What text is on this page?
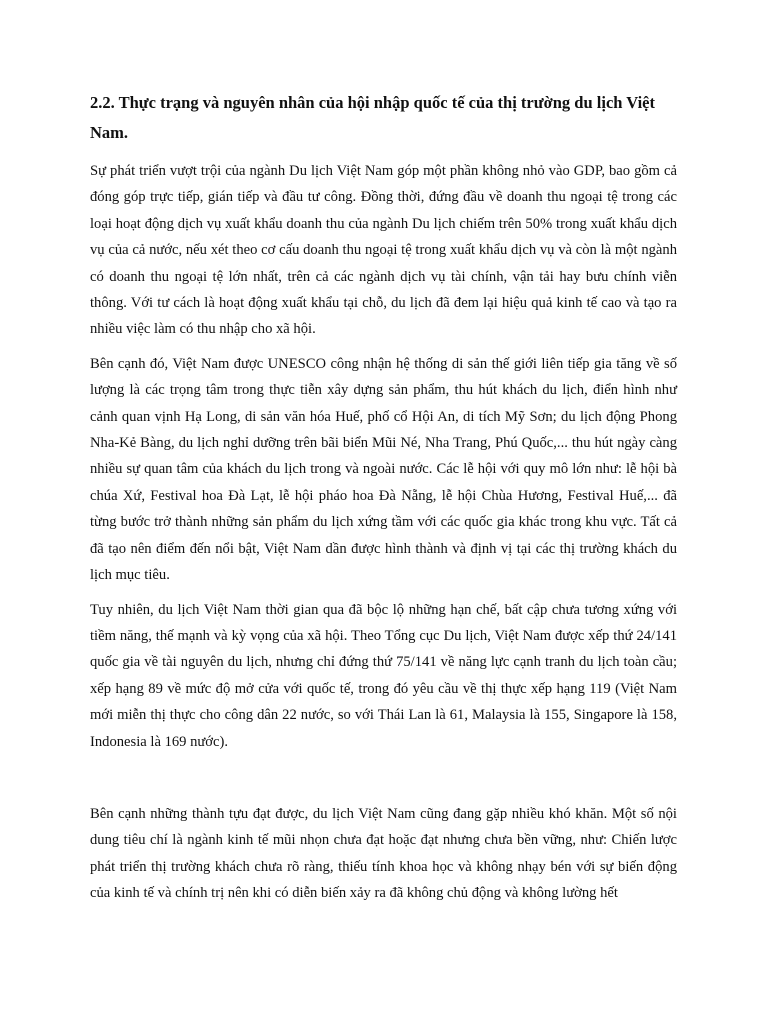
2.2. Thực trạng và nguyên nhân của hội nhập quốc tế của thị trường du lịch Việt Nam.

Sự phát triển vượt trội của ngành Du lịch Việt Nam góp một phần không nhỏ vào GDP, bao gồm cả đóng góp trực tiếp, gián tiếp và đầu tư công. Đồng thời, đứng đầu về doanh thu ngoại tệ trong các loại hoạt động dịch vụ xuất khẩu doanh thu của ngành Du lịch chiếm trên 50% trong xuất khẩu dịch vụ của cả nước, nếu xét theo cơ cấu doanh thu ngoại tệ trong xuất khẩu dịch vụ và còn là một ngành có doanh thu ngoại tệ lớn nhất, trên cả các ngành dịch vụ tài chính, vận tải hay bưu chính viễn thông. Với tư cách là hoạt động xuất khẩu tại chỗ, du lịch đã đem lại hiệu quả kinh tế cao và tạo ra nhiều việc làm có thu nhập cho xã hội.

Bên cạnh đó, Việt Nam được UNESCO công nhận hệ thống di sản thế giới liên tiếp gia tăng về số lượng là các trọng tâm trong thực tiễn xây dựng sản phẩm, thu hút khách du lịch, điển hình như cảnh quan vịnh Hạ Long, di sản văn hóa Huế, phố cổ Hội An, di tích Mỹ Sơn; du lịch động Phong Nha-Kẻ Bàng, du lịch nghỉ dưỡng trên bãi biển Mũi Né, Nha Trang, Phú Quốc,... thu hút ngày càng nhiều sự quan tâm của khách du lịch trong và ngoài nước. Các lễ hội với quy mô lớn như: lễ hội bà chúa Xứ, Festival hoa Đà Lạt, lễ hội pháo hoa Đà Nẵng, lễ hội Chùa Hương, Festival Huế,... đã từng bước trở thành những sản phẩm du lịch xứng tầm với các quốc gia khác trong khu vực. Tất cả đã tạo nên điểm đến nổi bật, Việt Nam dần được hình thành và định vị tại các thị trường khách du lịch mục tiêu.

Tuy nhiên, du lịch Việt Nam thời gian qua đã bộc lộ những hạn chế, bất cập chưa tương xứng với tiềm năng, thế mạnh và kỳ vọng của xã hội. Theo Tổng cục Du lịch, Việt Nam được xếp thứ 24/141 quốc gia về tài nguyên du lịch, nhưng chỉ đứng thứ 75/141 về năng lực cạnh tranh du lịch toàn cầu; xếp hạng 89 về mức độ mở cửa với quốc tế, trong đó yêu cầu về thị thực xếp hạng 119 (Việt Nam mới miễn thị thực cho công dân 22 nước, so với Thái Lan là 61, Malaysia là 155, Singapore là 158, Indonesia là 169 nước).

Bên cạnh những thành tựu đạt được, du lịch Việt Nam cũng đang gặp nhiều khó khăn. Một số nội dung tiêu chí là ngành kinh tế mũi nhọn chưa đạt hoặc đạt nhưng chưa bền vững, như: Chiến lược phát triển thị trường khách chưa rõ ràng, thiếu tính khoa học và không nhạy bén với sự biến động của kinh tế và chính trị nên khi có diễn biến xảy ra đã không chủ động và không lường hết
